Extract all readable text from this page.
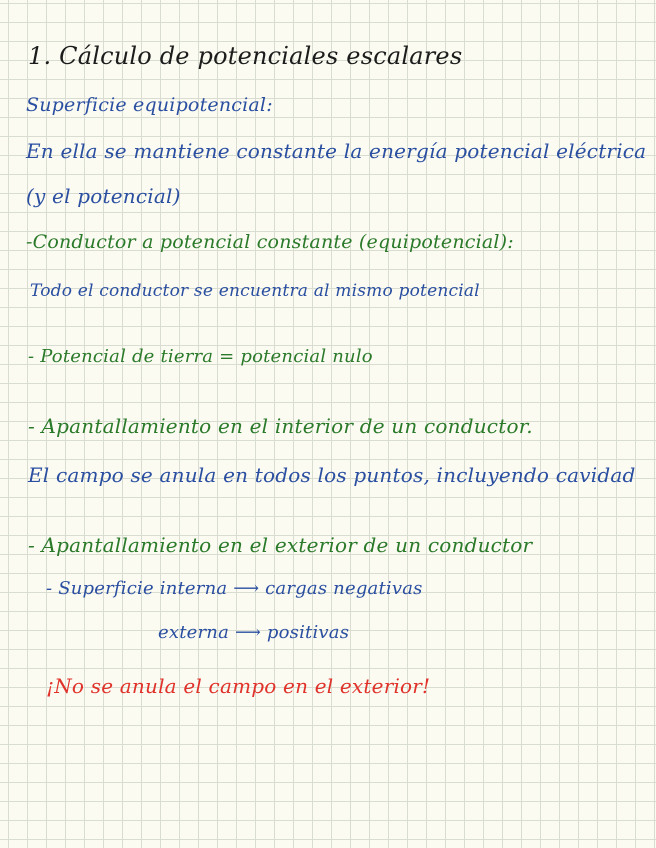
1. Cálculo de potenciales escalares
Superficie equipotencial:
En ella se mantiene constante la energía potencial eléctrica
(y el potencial)
-Conductor a potencial constante (equipotencial):
Todo el conductor se encuentra al mismo potencial
- Potencial de tierra = potencial nulo
- Apantallamiento en el interior de un conductor.
El campo se anula en todos los puntos, incluyendo cavidad
- Apantallamiento en el exterior de un conductor
- Superficie interna ⟶ cargas negativas
externa ⟶ positivas
¡No se anula el campo en el exterior!
